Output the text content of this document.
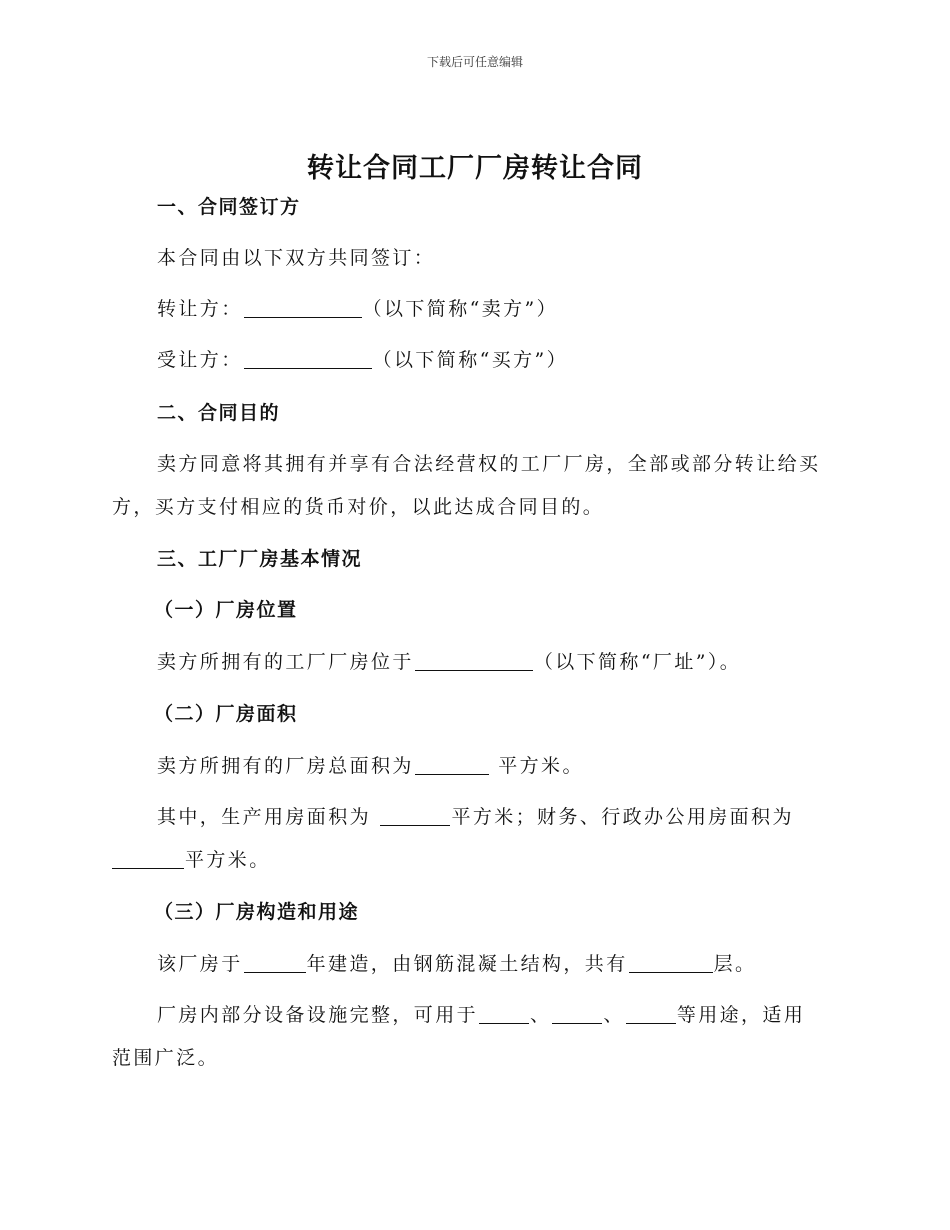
下载后可任意编辑
转让合同工厂厂房转让合同
一、合同签订方
本合同由以下双方共同签订：
转让方：	（以下简称“卖方”）
受让方：	（以下简称“买方”）
二、合同目的
卖方同意将其拥有并享有合法经营权的工厂厂房，全部或部分转让给买
方，买方支付相应的货币对价，以此达成合同目的。
三、工厂厂房基本情况
（一）厂房位置
卖方所拥有的工厂厂房位于	（以下简称“厂址”）。
（二）厂房面积
卖方所拥有的厂房总面积为	平方米。
其中，生产用房面积为	平方米；财务、行政办公用房面积为
平方米。
（三）厂房构造和用途
该厂房于	年建造，由钢筋混凝土结构，共有	层。
厂房内部分设备设施完整，可用于	、	、	等用途，适用
范围广泛。
